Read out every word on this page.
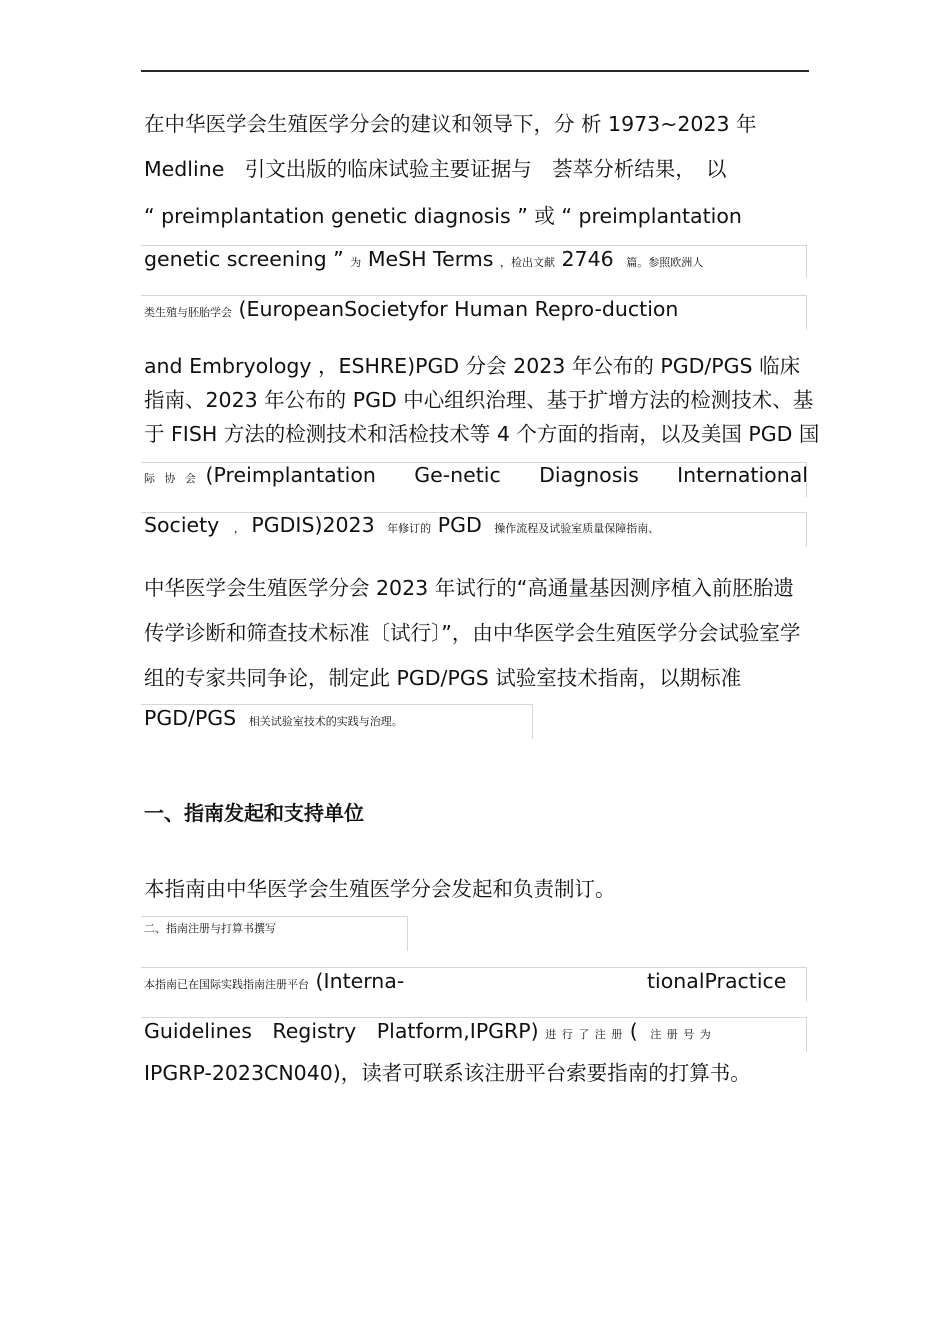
在中华医学会生殖医学分会的建议和领导下，分 析 1973~2023 年
Medline　引文出版的临床试验主要证据与　荟萃分析结果，　以
“ preimplantation genetic diagnosis ” 或 “ preimplantation
genetic screening ” 为 MeSH Terms ，检出文献 2746 篇。参照欧洲人
类生殖与胚胎学会 (EuropeanSocietyfor Human Repro-duction
and Embryology ，ESHRE)PGD 分会 2023 年公布的 PGD/PGS 临床
指南、2023 年公布的 PGD 中心组织治理、基于扩增方法的检测技术、基
于 FISH 方法的检测技术和活检技术等 4 个方面的指南，以及美国 PGD 国
际 协 会 (Preimplantation Ge-netic Diagnosis International
Society ， PGDIS)2023 年修订的 PGD 操作流程及试验室质量保障指南、
中华医学会生殖医学分会 2023 年试行的“高通量基因测序植入前胚胎遗
传学诊断和筛查技术标准〔试行〕”，由中华医学会生殖医学分会试验室学
组的专家共同争论，制定此 PGD/PGS 试验室技术指南，以期标准
PGD/PGS 相关试验室技术的实践与治理。
一、指南发起和支持单位
本指南由中华医学会生殖医学分会发起和负责制订。
二、指南注册与打算书撰写
本指南已在国际实践指南注册平台 (Interna-	tionalPractice
Guidelines　Registry　Platform,IPGRP) 进 行 了 注 册 ( 注 册 号 为
IPGRP-2023CN040)，读者可联系该注册平台索要指南的打算书。
